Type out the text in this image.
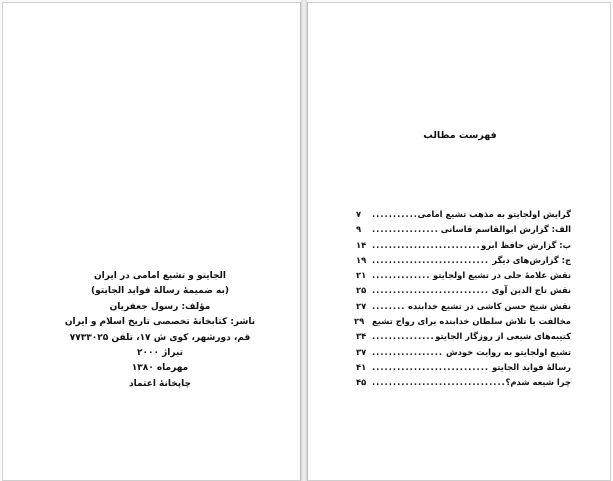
الجایتو و تشیع امامی در ایران
(به ضمیمهٔ رسالهٔ فواید الجایتو)
مؤلف: رسول جعفریان
ناشر: کتابخانهٔ تخصصی تاریخ اسلام و ایران
قم، دورشهر، کوی ش ۱۷، تلفن ۷۷۳۳۰۲۵
تیراژ ۲۰۰۰
مهرماه ۱۳۸۰
چاپخانهٔ اعتماد
فهرست مطالب
گرایش اولجایتو به مذهب تشیع امامی
.....
۷
الف: گزارش ابوالقاسم قاسانی
.....
۹
ب: گزارش حافظ ابرو
.....
۱۴
ج: گزارش‌های دیگر
.....
۱۹
نقش علامهٔ حلی در تشیع اولجایتو
.....
۲۱
نقش تاج الدین آوی
.....
۲۵
نقش شیخ حسن کاشی در تشیع خدابنده
.....
۲۷
مخالفت با تلاش سلطان خدابنده برای رواج تشیع
۲۹
کتیبه‌های شیعی از روزگار الجایتو
.....
۳۴
تشیع اولجایتو به روایت خودش
.....
۳۷
رسالهٔ فواید الجایتو
.....
۴۱
چرا شیعه شدم؟
.....
۴۵
